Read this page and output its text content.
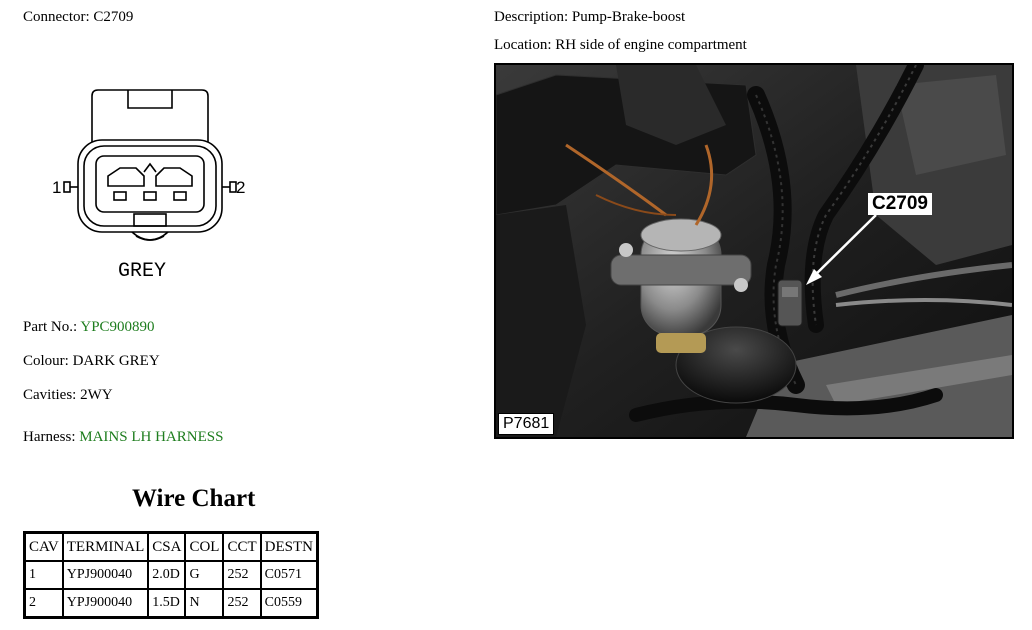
Connector: C2709	Description: Pump-Brake-boost
Location: RH side of engine compartment
1	2
GREY
Part No.: YPC900890
Colour: DARK GREY
Cavities: 2WY
Harness: MAINS LH HARNESS
Wire Chart
CAV	TERMINAL	CSA	COL	CCT	DESTN
1	YPJ900040	2.0D	G	252	C0571
2	YPJ900040	1.5D	N	252	C0559
C2709
P7681
